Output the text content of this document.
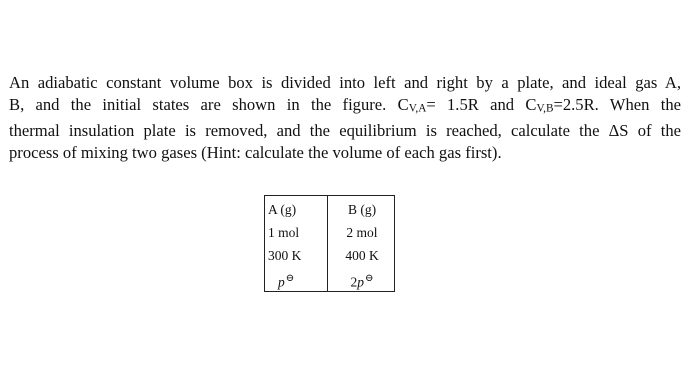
An adiabatic constant volume box is divided into left and right by a plate, and ideal gas A,
B, and the initial states are shown in the figure. CV,A= 1.5R and CV,B=2.5R. When the
thermal insulation plate is removed, and the equilibrium is reached, calculate the ΔS of the
process of mixing two gases (Hint: calculate the volume of each gas first).
A (g)
1 mol
300 K
p⊖
B (g)
2 mol
400 K
2p⊖
